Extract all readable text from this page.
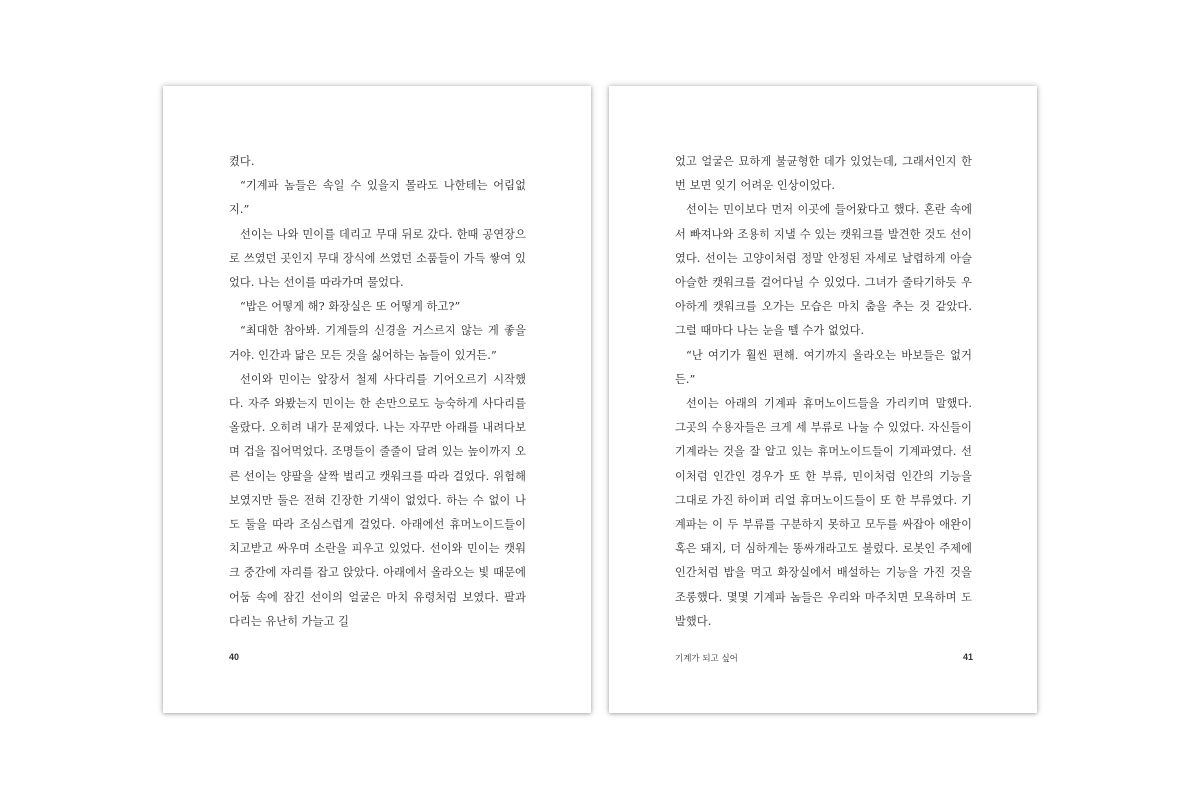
켰다.

“기계파 놈들은 속일 수 있을지 몰라도 나한테는 어림없지.”

선이는 나와 민이를 데리고 무대 뒤로 갔다. 한때 공연장으로 쓰였던 곳인지 무대 장식에 쓰였던 소품들이 가득 쌓여 있었다. 나는 선이를 따라가며 물었다.

“밥은 어떻게 해? 화장실은 또 어떻게 하고?”

“최대한 참아봐. 기계들의 신경을 거스르지 않는 게 좋을 거야. 인간과 닮은 모든 것을 싫어하는 놈들이 있거든.”

선이와 민이는 앞장서 철제 사다리를 기어오르기 시작했다. 자주 와봤는지 민이는 한 손만으로도 능숙하게 사다리를 올랐다. 오히려 내가 문제였다. 나는 자꾸만 아래를 내려다보며 겁을 집어먹었다. 조명들이 줄줄이 달려 있는 높이까지 오른 선이는 양팔을 살짝 벌리고 캣워크를 따라 걸었다. 위험해 보였지만 둘은 전혀 긴장한 기색이 없었다. 하는 수 없이 나도 둘을 따라 조심스럽게 걸었다. 아래에선 휴머노이드들이 치고받고 싸우며 소란을 피우고 있었다. 선이와 민이는 캣워크 중간에 자리를 잡고 앉았다. 아래에서 올라오는 빛 때문에 어둠 속에 잠긴 선이의 얼굴은 마치 유령처럼 보였다. 팔과 다리는 유난히 가늘고 길

40

었고 얼굴은 묘하게 불균형한 데가 있었는데, 그래서인지 한 번 보면 잊기 어려운 인상이었다.

선이는 민이보다 먼저 이곳에 들어왔다고 했다. 혼란 속에서 빠져나와 조용히 지낼 수 있는 캣워크를 발견한 것도 선이였다. 선이는 고양이처럼 정말 안정된 자세로 날렵하게 아슬아슬한 캣워크를 걸어다닐 수 있었다. 그녀가 줄타기하듯 우아하게 캣워크를 오가는 모습은 마치 춤을 추는 것 같았다. 그럴 때마다 나는 눈을 뗄 수가 없었다.

“난 여기가 훨씬 편해. 여기까지 올라오는 바보들은 없거든.”

선이는 아래의 기계파 휴머노이드들을 가리키며 말했다. 그곳의 수용자들은 크게 세 부류로 나눌 수 있었다. 자신들이 기계라는 것을 잘 알고 있는 휴머노이드들이 기계파였다. 선이처럼 인간인 경우가 또 한 부류, 민이처럼 인간의 기능을 그대로 가진 하이퍼 리얼 휴머노이드들이 또 한 부류였다. 기계파는 이 두 부류를 구분하지 못하고 모두를 싸잡아 애완이 혹은 돼지, 더 심하게는 똥싸개라고도 불렀다. 로봇인 주제에 인간처럼 밥을 먹고 화장실에서 배설하는 기능을 가진 것을 조롱했다. 몇몇 기계파 놈들은 우리와 마주치면 모욕하며 도발했다.

기계가 되고 싶어	41
